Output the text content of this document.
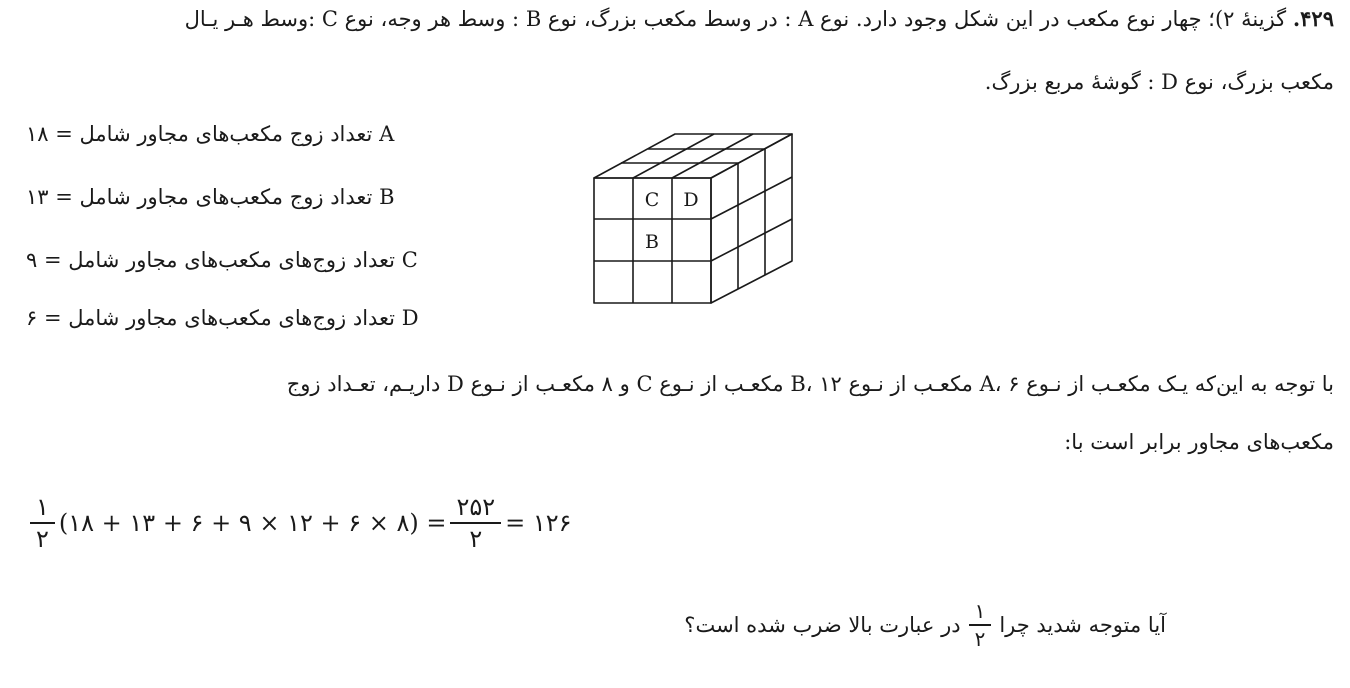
۴۲۹. گزینهٔ ۲)؛ چهار نوع مکعب در این شکل وجود دارد. نوع A : در وسط مکعب بزرگ، نوع B : وسط هر وجه، نوع C :وسط هـر یـال
مکعب بزرگ، نوع D : گوشهٔ مربع بزرگ.
A تعداد زوج مکعب‌های مجاور شامل = ۱۸
B تعداد زوج مکعب‌های مجاور شامل = ۱۳
C تعداد زوج‌های مکعب‌های مجاور شامل = ۹
D تعداد زوج‌های مکعب‌های مجاور شامل = ۶
C D
B
با توجه به این‌که یـک مکعـب از نـوع A، ۶ مکعـب از نـوع B، ۱۲ مکعـب از نـوع C و ۸ مکعـب از نـوع D داریـم، تعـداد زوج
مکعب‌های مجاور برابر است با:
$\frac{۱}{۲}$ (۱۸ + ۱۳ + ۶ + ۹ × ۱۲ + ۶ × ۸) = $\frac{۲۵۲}{۲}$ = ۱۲۶
آیا متوجه شدید چرا
$\frac{۱}{۲}$
در عبارت بالا ضرب شده است؟
